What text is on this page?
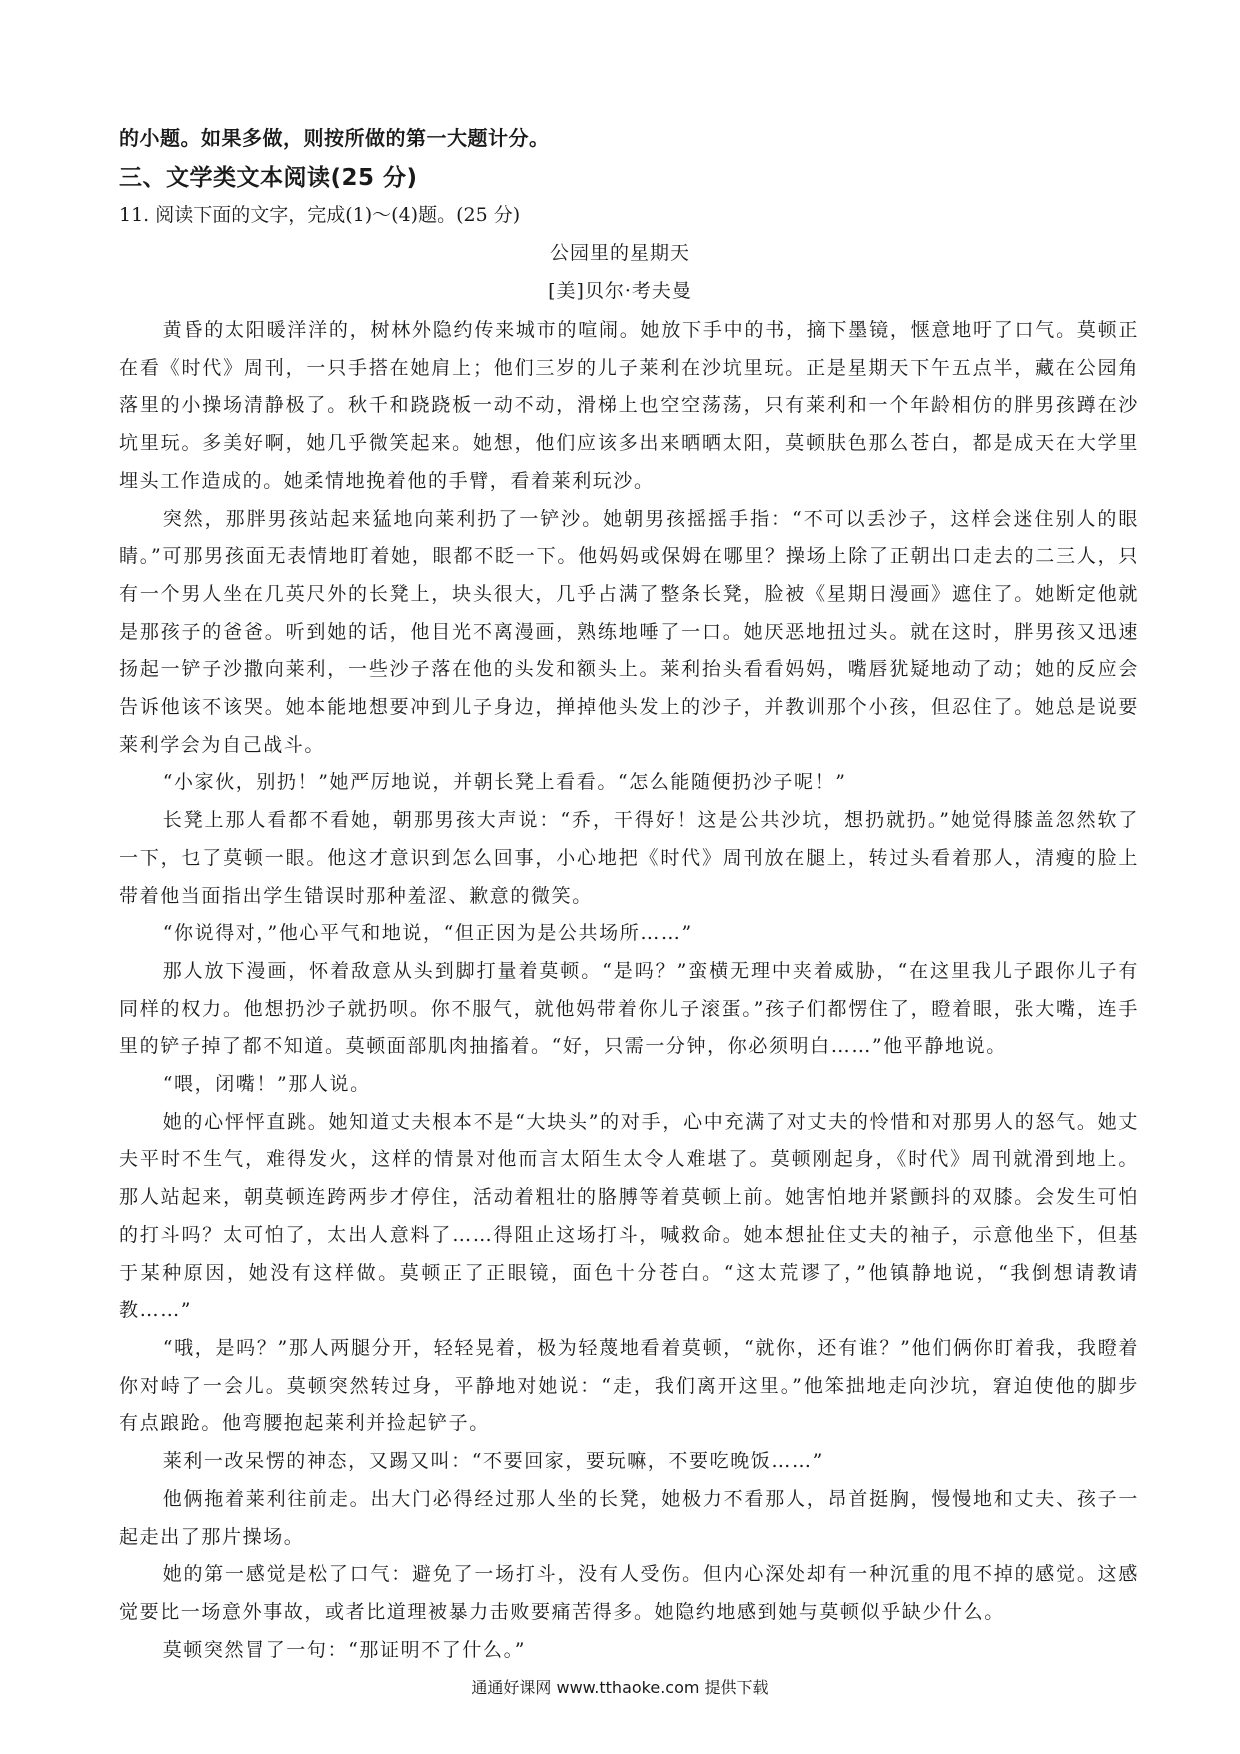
的小题。如果多做，则按所做的第一大题计分。
三、文学类文本阅读(25 分)
11. 阅读下面的文字，完成(1)～(4)题。(25 分)
公园里的星期天
[美]贝尔·考夫曼

黄昏的太阳暖洋洋的，树林外隐约传来城市的喧闹。她放下手中的书，摘下墨镜，惬意地吁了口气。莫顿正在看《时代》周刊，一只手搭在她肩上；他们三岁的儿子莱利在沙坑里玩。正是星期天下午五点半，藏在公园角落里的小操场清静极了。秋千和跷跷板一动不动，滑梯上也空空荡荡，只有莱利和一个年龄相仿的胖男孩蹲在沙坑里玩。多美好啊，她几乎微笑起来。她想，他们应该多出来晒晒太阳，莫顿肤色那么苍白，都是成天在大学里埋头工作造成的。她柔情地挽着他的手臂，看着莱利玩沙。

突然，那胖男孩站起来猛地向莱利扔了一铲沙。她朝男孩摇摇手指：“不可以丢沙子，这样会迷住别人的眼睛。”可那男孩面无表情地盯着她，眼都不眨一下。他妈妈或保姆在哪里？操场上除了正朝出口走去的二三人，只有一个男人坐在几英尺外的长凳上，块头很大，几乎占满了整条长凳，脸被《星期日漫画》遮住了。她断定他就是那孩子的爸爸。听到她的话，他目光不离漫画，熟练地唾了一口。她厌恶地扭过头。就在这时，胖男孩又迅速扬起一铲子沙撒向莱利，一些沙子落在他的头发和额头上。莱利抬头看看妈妈，嘴唇犹疑地动了动；她的反应会告诉他该不该哭。她本能地想要冲到儿子身边，掸掉他头发上的沙子，并教训那个小孩，但忍住了。她总是说要莱利学会为自己战斗。

“小家伙，别扔！”她严厉地说，并朝长凳上看看。“怎么能随便扔沙子呢！”

长凳上那人看都不看她，朝那男孩大声说：“乔，干得好！这是公共沙坑，想扔就扔。”她觉得膝盖忽然软了一下，乜了莫顿一眼。他这才意识到怎么回事，小心地把《时代》周刊放在腿上，转过头看着那人，清瘦的脸上带着他当面指出学生错误时那种羞涩、歉意的微笑。

“你说得对，”他心平气和地说，“但正因为是公共场所……”

那人放下漫画，怀着敌意从头到脚打量着莫顿。“是吗？”蛮横无理中夹着威胁，“在这里我儿子跟你儿子有同样的权力。他想扔沙子就扔呗。你不服气，就他妈带着你儿子滚蛋。”孩子们都愣住了，瞪着眼，张大嘴，连手里的铲子掉了都不知道。莫顿面部肌肉抽搐着。“好，只需一分钟，你必须明白……”他平静地说。

“喂，闭嘴！”那人说。

她的心怦怦直跳。她知道丈夫根本不是“大块头”的对手，心中充满了对丈夫的怜惜和对那男人的怒气。她丈夫平时不生气，难得发火，这样的情景对他而言太陌生太令人难堪了。莫顿刚起身，《时代》周刊就滑到地上。那人站起来，朝莫顿连跨两步才停住，活动着粗壮的胳膊等着莫顿上前。她害怕地并紧颤抖的双膝。会发生可怕的打斗吗？太可怕了，太出人意料了……得阻止这场打斗，喊救命。她本想扯住丈夫的袖子，示意他坐下，但基于某种原因，她没有这样做。莫顿正了正眼镜，面色十分苍白。“这太荒谬了，”他镇静地说，“我倒想请教请教……”

“哦，是吗？”那人两腿分开，轻轻晃着，极为轻蔑地看着莫顿，“就你，还有谁？”他们俩你盯着我，我瞪着你对峙了一会儿。莫顿突然转过身，平静地对她说：“走，我们离开这里。”他笨拙地走向沙坑，窘迫使他的脚步有点踉跄。他弯腰抱起莱利并捡起铲子。

莱利一改呆愣的神态，又踢又叫：“不要回家，要玩嘛，不要吃晚饭……”

他俩拖着莱利往前走。出大门必得经过那人坐的长凳，她极力不看那人，昂首挺胸，慢慢地和丈夫、孩子一起走出了那片操场。

她的第一感觉是松了口气：避免了一场打斗，没有人受伤。但内心深处却有一种沉重的甩不掉的感觉。这感觉要比一场意外事故，或者比道理被暴力击败要痛苦得多。她隐约地感到她与莫顿似乎缺少什么。

莫顿突然冒了一句：“那证明不了什么。”

通通好课网 www.tthaoke.com 提供下载
